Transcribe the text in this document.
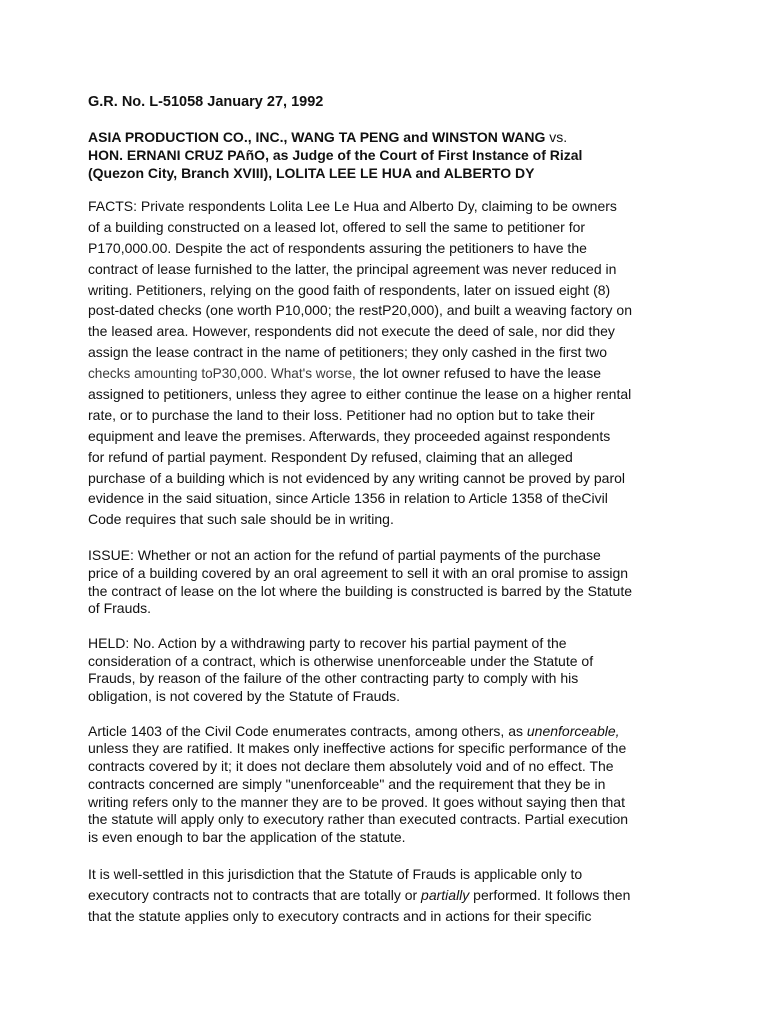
G.R. No. L-51058 January 27, 1992
ASIA PRODUCTION CO., INC., WANG TA PENG and WINSTON WANG vs.
HON. ERNANI CRUZ PAñO, as Judge of the Court of First Instance of Rizal
(Quezon City, Branch XVIII), LOLITA LEE LE HUA and ALBERTO DY
FACTS: Private respondents Lolita Lee Le Hua and Alberto Dy, claiming to be owners
of a building constructed on a leased lot, offered to sell the same to petitioner for
P170,000.00. Despite the act of respondents assuring the petitioners to have the
contract of lease furnished to the latter, the principal agreement was never reduced in
writing. Petitioners, relying on the good faith of respondents, later on issued eight (8)
post-dated checks (one worth P10,000; the restP20,000), and built a weaving factory on
the leased area. However, respondents did not execute the deed of sale, nor did they
assign the lease contract in the name of petitioners; they only cashed in the first two
checks amounting toP30,000. What's worse, the lot owner refused to have the lease
assigned to petitioners, unless they agree to either continue the lease on a higher rental
rate, or to purchase the land to their loss. Petitioner had no option but to take their
equipment and leave the premises. Afterwards, they proceeded against respondents
for refund of partial payment. Respondent Dy refused, claiming that an alleged
purchase of a building which is not evidenced by any writing cannot be proved by parol
evidence in the said situation, since Article 1356 in relation to Article 1358 of theCivil
Code requires that such sale should be in writing.
ISSUE: Whether or not an action for the refund of partial payments of the purchase
price of a building covered by an oral agreement to sell it with an oral promise to assign
the contract of lease on the lot where the building is constructed is barred by the Statute
of Frauds.
HELD: No. Action by a withdrawing party to recover his partial payment of the
consideration of a contract, which is otherwise unenforceable under the Statute of
Frauds, by reason of the failure of the other contracting party to comply with his
obligation, is not covered by the Statute of Frauds.
Article 1403 of the Civil Code enumerates contracts, among others, as unenforceable,
unless they are ratified. It makes only ineffective actions for specific performance of the
contracts covered by it; it does not declare them absolutely void and of no effect. The
contracts concerned are simply "unenforceable" and the requirement that they be in
writing refers only to the manner they are to be proved. It goes without saying then that
the statute will apply only to executory rather than executed contracts. Partial execution
is even enough to bar the application of the statute.
It is well-settled in this jurisdiction that the Statute of Frauds is applicable only to
executory contracts not to contracts that are totally or partially performed. It follows then
that the statute applies only to executory contracts and in actions for their specific
